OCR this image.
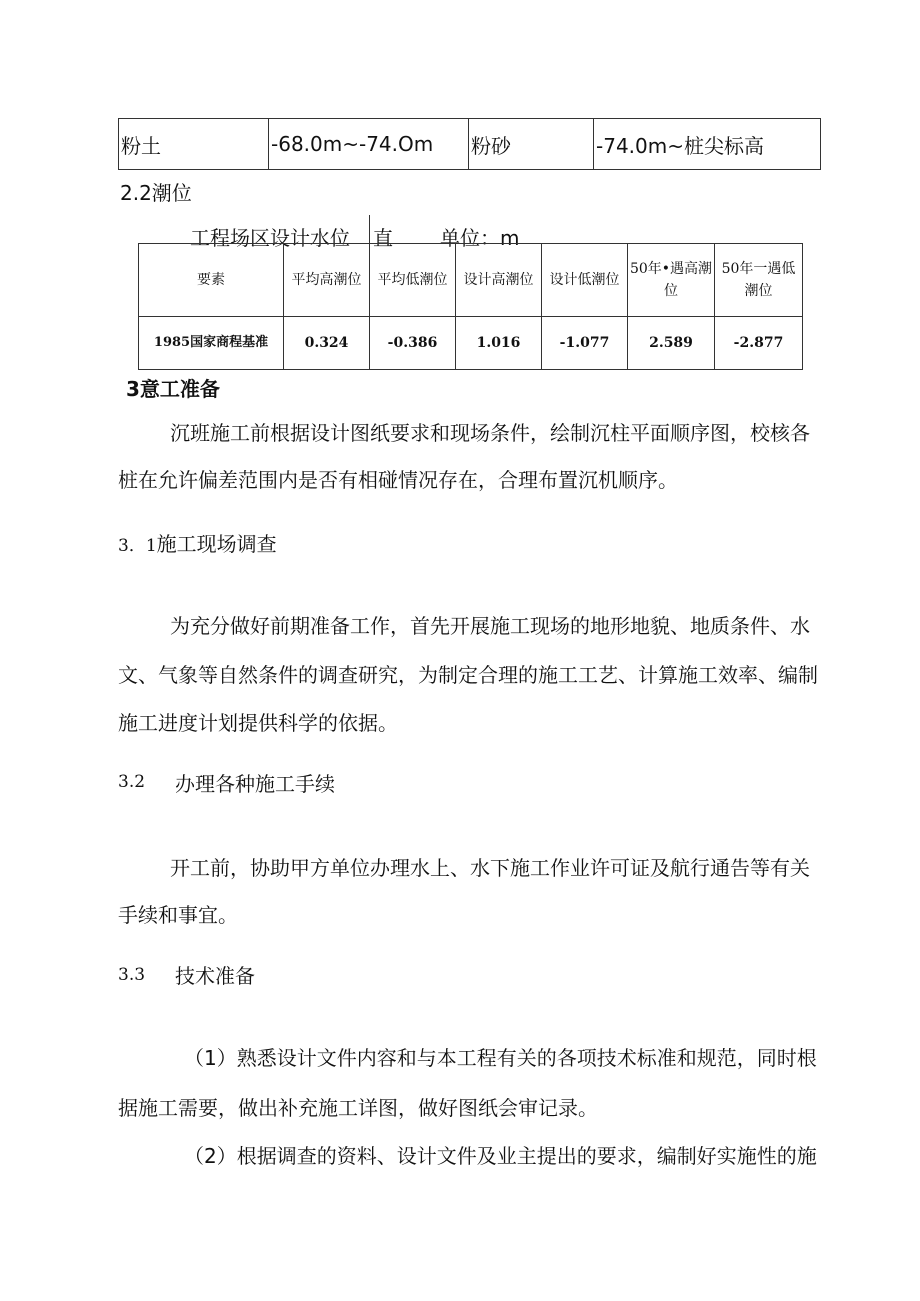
粉土	-68.0m~-74.Om	粉砂	-74.0m~桩尖标高
2.2潮位
工程场区设计水位 直 单位：m
要素	平均高潮位	平均低潮位	设计高潮位	设计低潮位	50年•遇高潮位	50年一遇低潮位
1985国家商程基准	0.324	-0.386	1.016	-1.077	2.589	-2.877
3意工准备
沉班施工前根据设计图纸要求和现场条件，绘制沉柱平面顺序图，校核各
桩在允许偏差范围内是否有相碰情况存在，合理布置沉机顺序。
3．1施工现场调查
为充分做好前期准备工作，首先开展施工现场的地形地貌、地质条件、水
文、气象等自然条件的调查研究，为制定合理的施工工艺、计算施工效率、编制
施工进度计划提供科学的依据。
3.2 办理各种施工手续
开工前，协助甲方单位办理水上、水下施工作业许可证及航行通告等有关
手续和事宜。
3.3 技术准备
（1）熟悉设计文件内容和与本工程有关的各项技术标准和规范，同时根
据施工需要，做出补充施工详图，做好图纸会审记录。
（2）根据调查的资料、设计文件及业主提出的要求，编制好实施性的施
